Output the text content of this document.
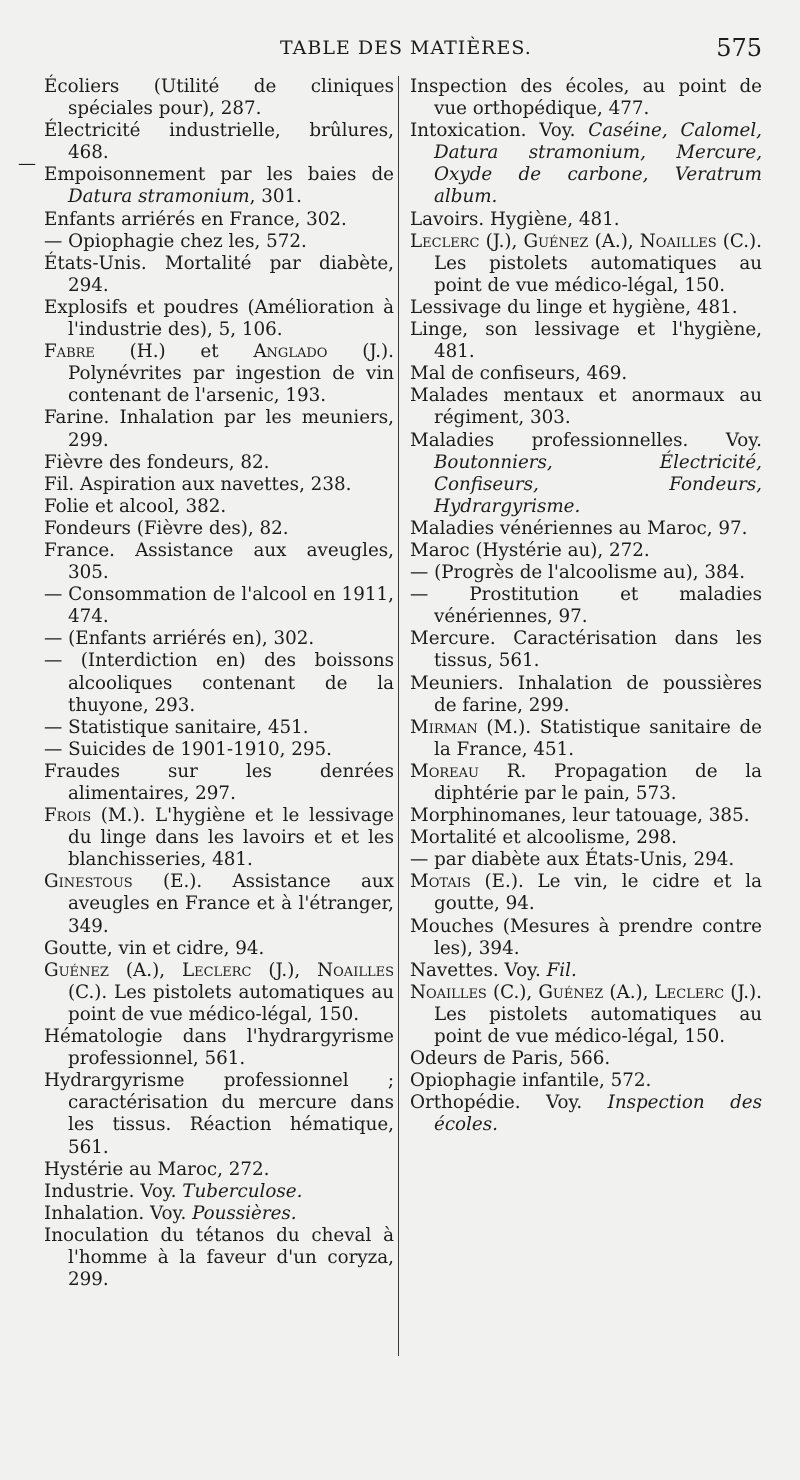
TABLE DES MATIÈRES.	575
—
Écoliers (Utilité de cliniques spéciales pour), 287.
Électricité industrielle, brûlures, 468.
Empoisonnement par les baies de Datura stramonium, 301.
Enfants arriérés en France, 302.
— Opiophagie chez les, 572.
États-Unis. Mortalité par diabète, 294.
Explosifs et poudres (Amélioration à l'industrie des), 5, 106.
Fabre (H.) et Anglado (J.). Polynévrites par ingestion de vin contenant de l'arsenic, 193.
Farine. Inhalation par les meuniers, 299.
Fièvre des fondeurs, 82.
Fil. Aspiration aux navettes, 238.
Folie et alcool, 382.
Fondeurs (Fièvre des), 82.
France. Assistance aux aveugles, 305.
— Consommation de l'alcool en 1911, 474.
— (Enfants arriérés en), 302.
— (Interdiction en) des boissons alcooliques contenant de la thuyone, 293.
— Statistique sanitaire, 451.
— Suicides de 1901-1910, 295.
Fraudes sur les denrées alimentaires, 297.
Frois (M.). L'hygiène et le lessivage du linge dans les lavoirs et et les blanchisseries, 481.
Ginestous (E.). Assistance aux aveugles en France et à l'étranger, 349.
Goutte, vin et cidre, 94.
Guénez (A.), Leclerc (J.), Noailles (C.). Les pistolets automatiques au point de vue médico-légal, 150.
Hématologie dans l'hydrargyrisme professionnel, 561.
Hydrargyrisme professionnel ; caractérisation du mercure dans les tissus. Réaction hématique, 561.
Hystérie au Maroc, 272.
Industrie. Voy. Tuberculose.
Inhalation. Voy. Poussières.
Inoculation du tétanos du cheval à l'homme à la faveur d'un coryza, 299.
Inspection des écoles, au point de vue orthopédique, 477.
Intoxication. Voy. Caséine, Calomel, Datura stramonium, Mercure, Oxyde de carbone, Veratrum album.
Lavoirs. Hygiène, 481.
Leclerc (J.), Guénez (A.), Noailles (C.). Les pistolets automatiques au point de vue médico-légal, 150.
Lessivage du linge et hygiène, 481.
Linge, son lessivage et l'hygiène, 481.
Mal de confiseurs, 469.
Malades mentaux et anormaux au régiment, 303.
Maladies professionnelles. Voy. Boutonniers, Électricité, Confiseurs, Fondeurs, Hydrargyrisme.
Maladies vénériennes au Maroc, 97.
Maroc (Hystérie au), 272.
— (Progrès de l'alcoolisme au), 384.
— Prostitution et maladies vénériennes, 97.
Mercure. Caractérisation dans les tissus, 561.
Meuniers. Inhalation de poussières de farine, 299.
Mirman (M.). Statistique sanitaire de la France, 451.
Moreau R. Propagation de la diphtérie par le pain, 573.
Morphinomanes, leur tatouage, 385.
Mortalité et alcoolisme, 298.
— par diabète aux États-Unis, 294.
Motais (E.). Le vin, le cidre et la goutte, 94.
Mouches (Mesures à prendre contre les), 394.
Navettes. Voy. Fil.
Noailles (C.), Guénez (A.), Leclerc (J.). Les pistolets automatiques au point de vue médico-légal, 150.
Odeurs de Paris, 566.
Opiophagie infantile, 572.
Orthopédie. Voy. Inspection des écoles.
